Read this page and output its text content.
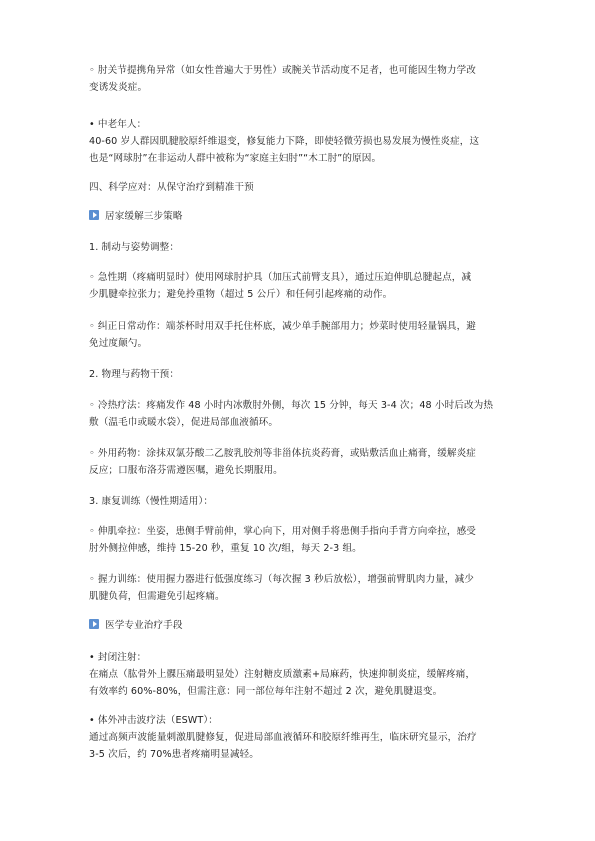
◦ 肘关节提携角异常（如女性普遍大于男性）或腕关节活动度不足者，也可能因生物力学改

变诱发炎症。

• 中老年人：

40-60 岁人群因肌腱胶原纤维退变，修复能力下降，即使轻微劳损也易发展为慢性炎症，这

也是“网球肘”在非运动人群中被称为“家庭主妇肘”“木工肘”的原因。

四、科学应对：从保守治疗到精准干预

居家缓解三步策略

1. 制动与姿势调整：

◦ 急性期（疼痛明显时）使用网球肘护具（加压式前臂支具），通过压迫伸肌总腱起点，减

少肌腱牵拉张力；避免拎重物（超过 5 公斤）和任何引起疼痛的动作。

◦ 纠正日常动作：端茶杯时用双手托住杯底，减少单手腕部用力；炒菜时使用轻量锅具，避

免过度颠勺。

2. 物理与药物干预：

◦ 冷热疗法：疼痛发作 48 小时内冰敷肘外侧，每次 15 分钟，每天 3-4 次；48 小时后改为热

敷（温毛巾或暖水袋），促进局部血液循环。

◦ 外用药物：涂抹双氯芬酸二乙胺乳胶剂等非甾体抗炎药膏，或贴敷活血止痛膏，缓解炎症

反应；口服布洛芬需遵医嘱，避免长期服用。

3. 康复训练（慢性期适用）：

◦ 伸肌牵拉：坐姿，患侧手臂前伸，掌心向下，用对侧手将患侧手指向手背方向牵拉，感受

肘外侧拉伸感，维持 15-20 秒，重复 10 次/组，每天 2-3 组。

◦ 握力训练：使用握力器进行低强度练习（每次握 3 秒后放松），增强前臂肌肉力量，减少

肌腱负荷，但需避免引起疼痛。

医学专业治疗手段

• 封闭注射：

在痛点（肱骨外上髁压痛最明显处）注射糖皮质激素+局麻药，快速抑制炎症，缓解疼痛，

有效率约 60%-80%，但需注意：同一部位每年注射不超过 2 次，避免肌腱退变。

• 体外冲击波疗法（ESWT）：

通过高频声波能量刺激肌腱修复，促进局部血液循环和胶原纤维再生，临床研究显示，治疗

3-5 次后，约 70%患者疼痛明显减轻。
